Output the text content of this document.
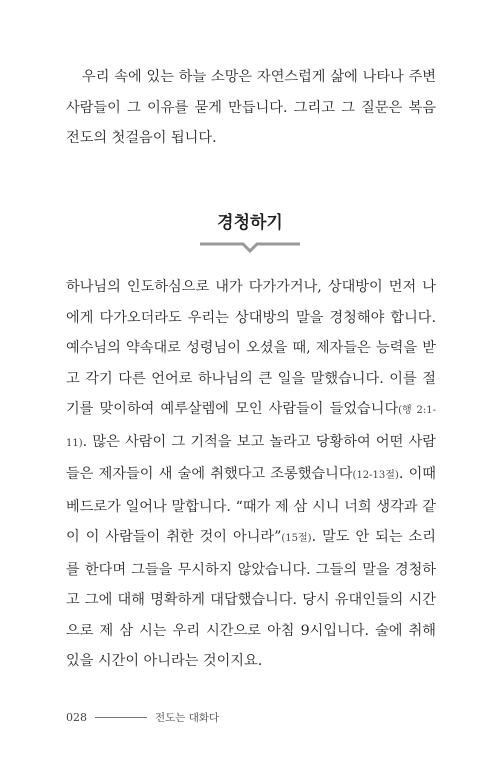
우리 속에 있는 하늘 소망은 자연스럽게 삶에 나타나 주변 사람들이 그 이유를 묻게 만듭니다. 그리고 그 질문은 복음 전도의 첫걸음이 됩니다.

경청하기

하나님의 인도하심으로 내가 다가가거나, 상대방이 먼저 나에게 다가오더라도 우리는 상대방의 말을 경청해야 합니다. 예수님의 약속대로 성령님이 오셨을 때, 제자들은 능력을 받고 각기 다른 언어로 하나님의 큰 일을 말했습니다. 이를 절기를 맞이하여 예루살렘에 모인 사람들이 들었습니다(행 2:1-11). 많은 사람이 그 기적을 보고 놀라고 당황하여 어떤 사람들은 제자들이 새 술에 취했다고 조롱했습니다(12-13절). 이때 베드로가 일어나 말합니다. “때가 제 삼 시니 너희 생각과 같이 이 사람들이 취한 것이 아니라”(15절). 말도 안 되는 소리를 한다며 그들을 무시하지 않았습니다. 그들의 말을 경청하고 그에 대해 명확하게 대답했습니다. 당시 유대인들의 시간으로 제 삼 시는 우리 시간으로 아침 9시입니다. 술에 취해 있을 시간이 아니라는 것이지요.

028	전도는 대화다
